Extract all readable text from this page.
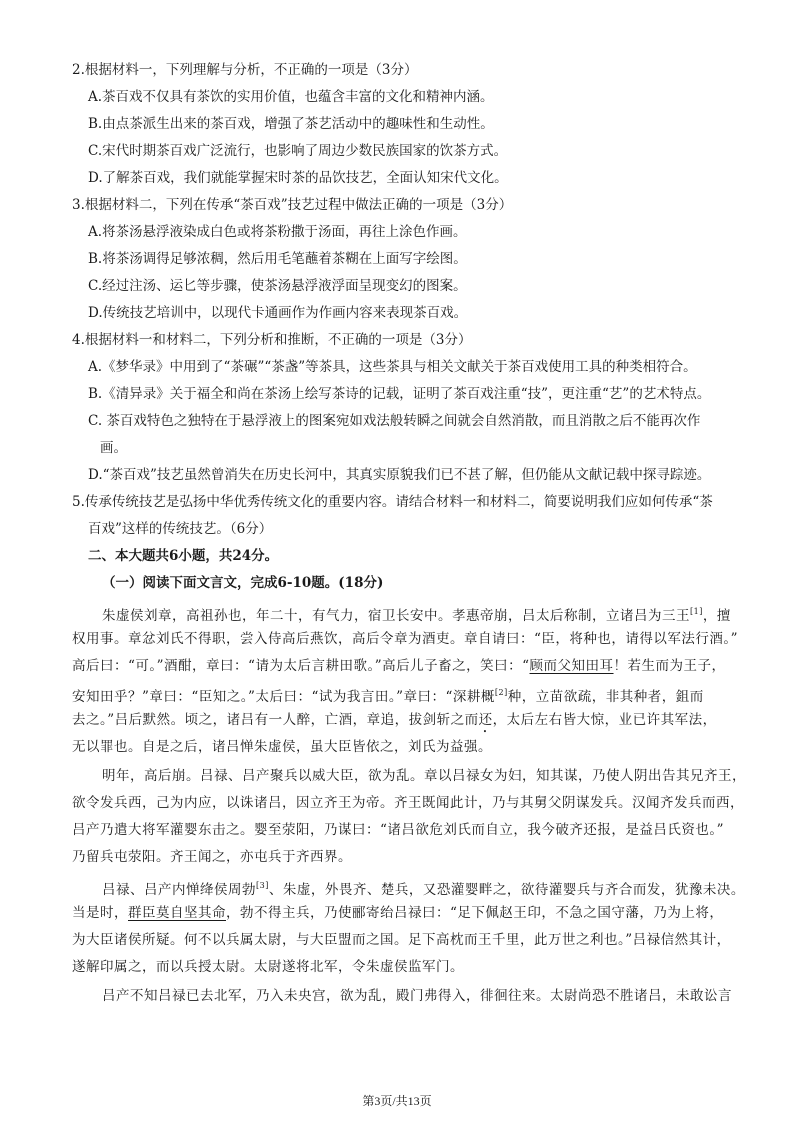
2.根据材料一，下列理解与分析，不正确的一项是（3分）
A.茶百戏不仅具有茶饮的实用价值，也蕴含丰富的文化和精神内涵。
B.由点茶派生出来的茶百戏，增强了茶艺活动中的趣味性和生动性。
C.宋代时期茶百戏广泛流行，也影响了周边少数民族国家的饮茶方式。
D.了解茶百戏，我们就能掌握宋时茶的品饮技艺，全面认知宋代文化。
3.根据材料二，下列在传承“茶百戏”技艺过程中做法正确的一项是（3分）
A.将茶汤悬浮液染成白色或将茶粉撒于汤面，再往上涂色作画。
B.将茶汤调得足够浓稠，然后用毛笔蘸着茶糊在上面写字绘图。
C.经过注汤、运匕等步骤，使茶汤悬浮液浮面呈现变幻的图案。
D.传统技艺培训中，以现代卡通画作为作画内容来表现茶百戏。
4.根据材料一和材料二，下列分析和推断，不正确的一项是（3分）
A.《梦华录》中用到了“茶碾”“茶盏”等茶具，这些茶具与相关文献关于茶百戏使用工具的种类相符合。
B.《清异录》关于福全和尚在茶汤上绘写茶诗的记载，证明了茶百戏注重“技”，更注重“艺”的艺术特点。
C. 茶百戏特色之独特在于悬浮液上的图案宛如戏法般转瞬之间就会自然消散，而且消散之后不能再次作
画。
D.“茶百戏”技艺虽然曾消失在历史长河中，其真实原貌我们已不甚了解，但仍能从文献记载中探寻踪迹。
5.传承传统技艺是弘扬中华优秀传统文化的重要内容。请结合材料一和材料二，简要说明我们应如何传承“茶
百戏”这样的传统技艺。（6分）
二、本大题共6小题，共24分。
（一）阅读下面文言文，完成6-10题。(18分)
朱虚侯刘章，高祖孙也，年二十，有气力，宿卫长安中。孝惠帝崩，吕太后称制，立诸吕为三王[1]，擅
权用事。章忿刘氏不得职，尝入侍高后燕饮，高后令章为酒吏。章自请曰：“臣，将种也，请得以军法行酒。”
高后曰：“可。”酒酣，章曰：“请为太后言耕田歌。”高后儿子畜之，笑曰：“顾而父知田耳！若生而为王子，
安知田乎？”章曰：“臣知之。”太后曰：“试为我言田。”章曰：“深耕概[2]种，立苗欲疏，非其种者，鉏而
去之。”吕后默然。顷之，诸吕有一人醉，亡酒，章追，拔剑斩之而还，太后左右皆大惊，业已许其军法，
无以罪也。自是之后，诸吕惮朱虚侯，虽大臣皆依之，刘氏为益强。
明年，高后崩。吕禄、吕产聚兵以威大臣，欲为乱。章以吕禄女为妇，知其谋，乃使人阴出告其兄齐王，
欲令发兵西，己为内应，以诛诸吕，因立齐王为帝。齐王既闻此计，乃与其舅父阴谋发兵。汉闻齐发兵而西，
吕产乃遣大将军灌婴东击之。婴至荥阳，乃谋曰：“诸吕欲危刘氏而自立，我今破齐还报，是益吕氏资也。”
乃留兵屯荥阳。齐王闻之，亦屯兵于齐西界。
吕禄、吕产内惮绛侯周勃[3]、朱虚，外畏齐、楚兵，又恐灌婴畔之，欲待灌婴兵与齐合而发，犹豫未决。
当是时，群臣莫自坚其命，勃不得主兵，乃使郦寄绐吕禄曰：“足下佩赵王印，不急之国守藩，乃为上将，
为大臣诸侯所疑。何不以兵属太尉，与大臣盟而之国。足下高枕而王千里，此万世之利也。”吕禄信然其计，
遂解印属之，而以兵授太尉。太尉遂将北军，令朱虚侯监军门。
吕产不知吕禄已去北军，乃入未央宫，欲为乱，殿门弗得入，徘徊往来。太尉尚恐不胜诸吕，未敢讼言
第3页/共13页
